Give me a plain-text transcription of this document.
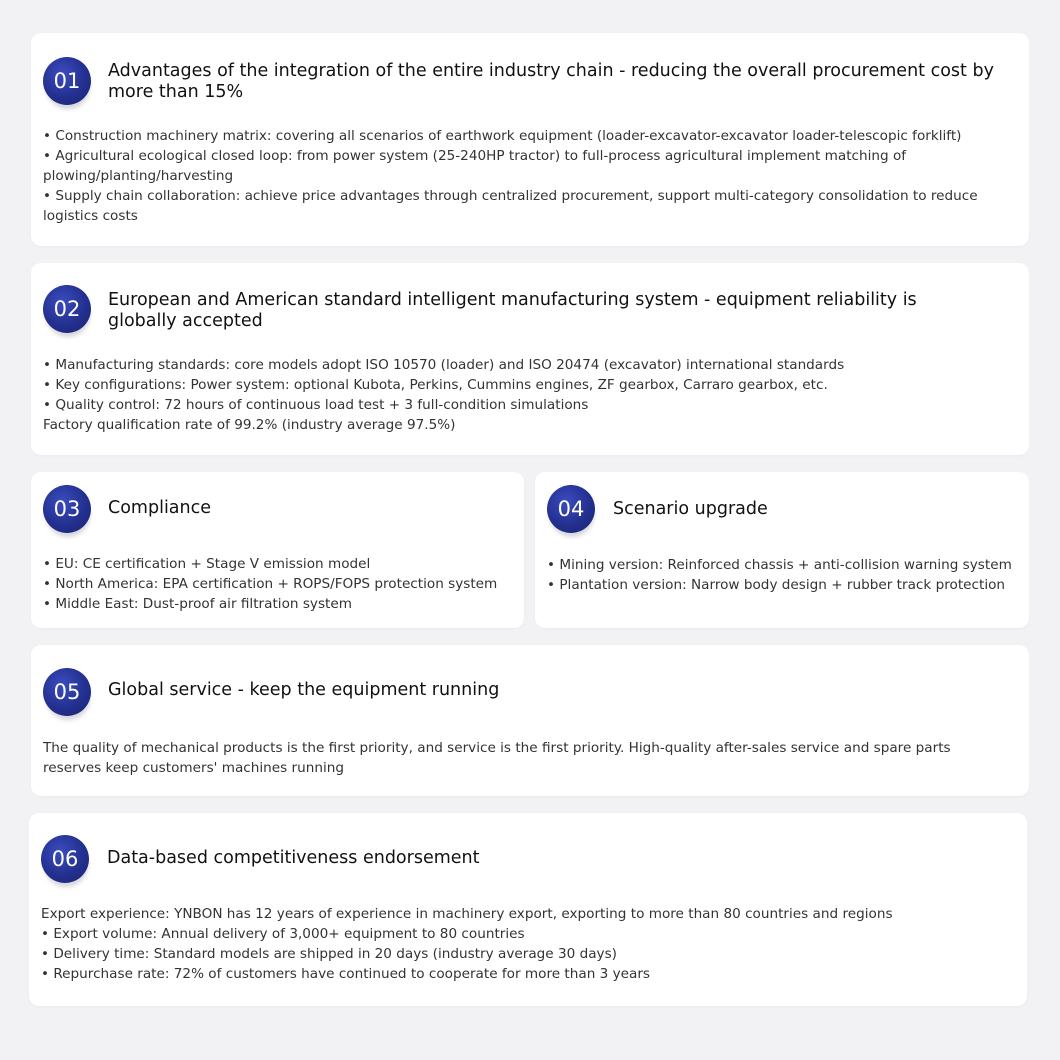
01	Advantages of the integration of the entire industry chain - reducing the overall procurement cost by more than 15%
• Construction machinery matrix: covering all scenarios of earthwork equipment (loader-excavator-excavator loader-telescopic forklift)
• Agricultural ecological closed loop: from power system (25-240HP tractor) to full-process agricultural implement matching of
plowing/planting/harvesting
• Supply chain collaboration: achieve price advantages through centralized procurement, support multi-category consolidation to reduce
logistics costs
02	European and American standard intelligent manufacturing system - equipment reliability is globally accepted
• Manufacturing standards: core models adopt ISO 10570 (loader) and ISO 20474 (excavator) international standards
• Key configurations: Power system: optional Kubota, Perkins, Cummins engines, ZF gearbox, Carraro gearbox, etc.
• Quality control: 72 hours of continuous load test + 3 full-condition simulations
Factory qualification rate of 99.2% (industry average 97.5%)
03	Compliance
• EU: CE certification + Stage V emission model
• North America: EPA certification + ROPS/FOPS protection system
• Middle East: Dust-proof air filtration system
04	Scenario upgrade
• Mining version: Reinforced chassis + anti-collision warning system
• Plantation version: Narrow body design + rubber track protection
05	Global service - keep the equipment running
The quality of mechanical products is the first priority, and service is the first priority. High-quality after-sales service and spare parts
reserves keep customers' machines running
06	Data-based competitiveness endorsement
Export experience: YNBON has 12 years of experience in machinery export, exporting to more than 80 countries and regions
• Export volume: Annual delivery of 3,000+ equipment to 80 countries
• Delivery time: Standard models are shipped in 20 days (industry average 30 days)
• Repurchase rate: 72% of customers have continued to cooperate for more than 3 years
